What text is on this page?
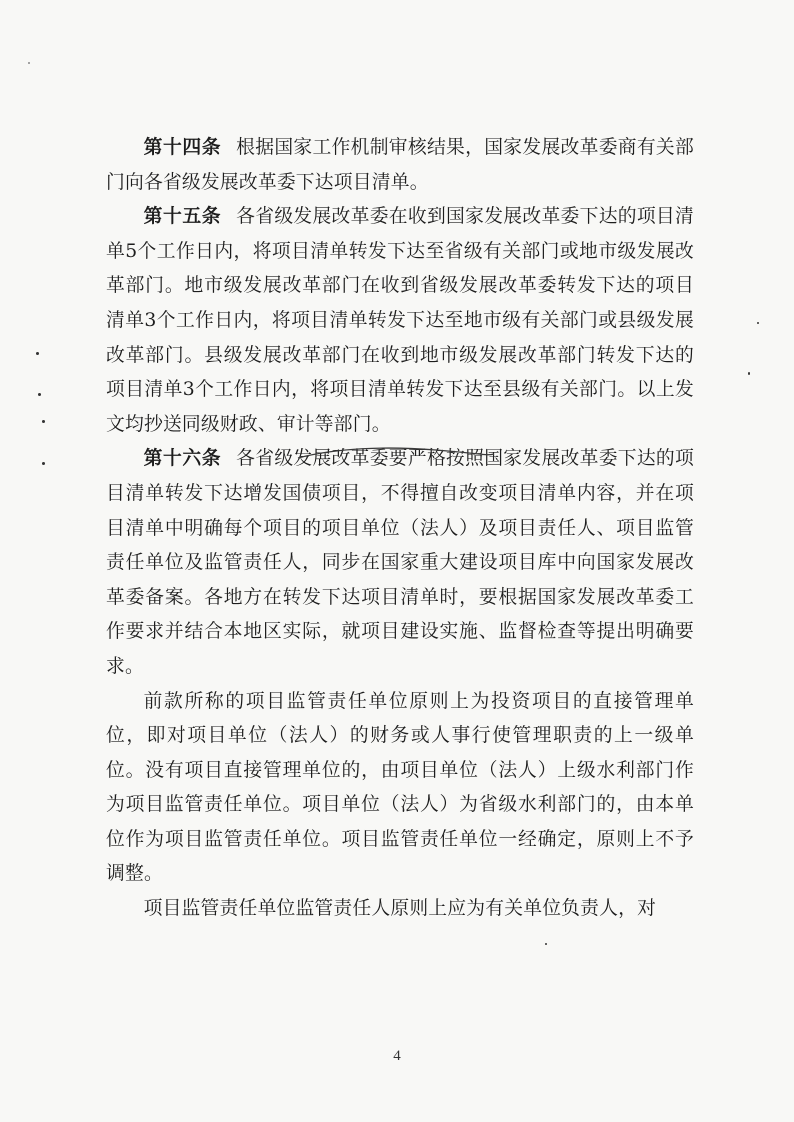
第十四条 根据国家工作机制审核结果，国家发展改革委商有关部门向各省级发展改革委下达项目清单。

第十五条 各省级发展改革委在收到国家发展改革委下达的项目清单5个工作日内，将项目清单转发下达至省级有关部门或地市级发展改革部门。地市级发展改革部门在收到省级发展改革委转发下达的项目清单3个工作日内，将项目清单转发下达至地市级有关部门或县级发展改革部门。县级发展改革部门在收到地市级发展改革部门转发下达的项目清单3个工作日内，将项目清单转发下达至县级有关部门。以上发文均抄送同级财政、审计等部门。

第十六条 各省级发展改革委要严格按照国家发展改革委下达的项目清单转发下达增发国债项目，不得擅自改变项目清单内容，并在项目清单中明确每个项目的项目单位（法人）及项目责任人、项目监管责任单位及监管责任人，同步在国家重大建设项目库中向国家发展改革委备案。各地方在转发下达项目清单时，要根据国家发展改革委工作要求并结合本地区实际，就项目建设实施、监督检查等提出明确要求。

前款所称的项目监管责任单位原则上为投资项目的直接管理单位，即对项目单位（法人）的财务或人事行使管理职责的上一级单位。没有项目直接管理单位的，由项目单位（法人）上级水利部门作为项目监管责任单位。项目单位（法人）为省级水利部门的，由本单位作为项目监管责任单位。项目监管责任单位一经确定，原则上不予调整。

项目监管责任单位监管责任人原则上应为有关单位负责人，对

4
